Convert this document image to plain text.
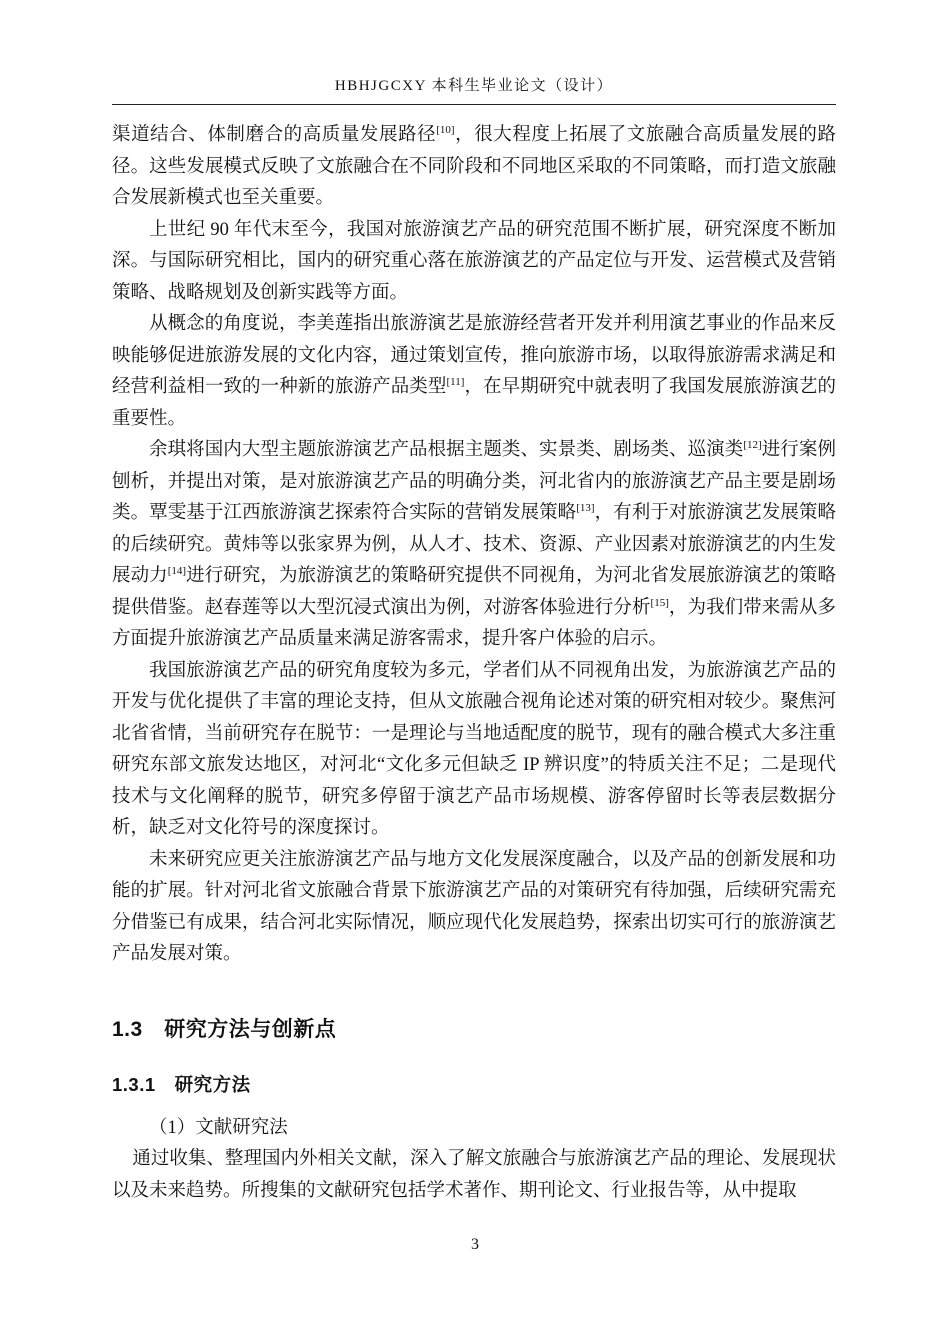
HBHJGCXY 本科生毕业论文（设计）

渠道结合、体制磨合的高质量发展路径[10]，很大程度上拓展了文旅融合高质量发展的路径。这些发展模式反映了文旅融合在不同阶段和不同地区采取的不同策略，而打造文旅融合发展新模式也至关重要。

上世纪 90 年代末至今，我国对旅游演艺产品的研究范围不断扩展，研究深度不断加深。与国际研究相比，国内的研究重心落在旅游演艺的产品定位与开发、运营模式及营销策略、战略规划及创新实践等方面。

从概念的角度说，李美莲指出旅游演艺是旅游经营者开发并利用演艺事业的作品来反映能够促进旅游发展的文化内容，通过策划宣传，推向旅游市场，以取得旅游需求满足和经营利益相一致的一种新的旅游产品类型[11]，在早期研究中就表明了我国发展旅游演艺的重要性。

余琪将国内大型主题旅游演艺产品根据主题类、实景类、剧场类、巡演类[12]进行案例刨析，并提出对策，是对旅游演艺产品的明确分类，河北省内的旅游演艺产品主要是剧场类。覃雯基于江西旅游演艺探索符合实际的营销发展策略[13]，有利于对旅游演艺发展策略的后续研究。黄炜等以张家界为例，从人才、技术、资源、产业因素对旅游演艺的内生发展动力[14]进行研究，为旅游演艺的策略研究提供不同视角，为河北省发展旅游演艺的策略提供借鉴。赵春莲等以大型沉浸式演出为例，对游客体验进行分析[15]，为我们带来需从多方面提升旅游演艺产品质量来满足游客需求，提升客户体验的启示。

我国旅游演艺产品的研究角度较为多元，学者们从不同视角出发，为旅游演艺产品的开发与优化提供了丰富的理论支持，但从文旅融合视角论述对策的研究相对较少。聚焦河北省省情，当前研究存在脱节：一是理论与当地适配度的脱节，现有的融合模式大多注重研究东部文旅发达地区，对河北“文化多元但缺乏 IP 辨识度”的特质关注不足；二是现代技术与文化阐释的脱节，研究多停留于演艺产品市场规模、游客停留时长等表层数据分析，缺乏对文化符号的深度探讨。

未来研究应更关注旅游演艺产品与地方文化发展深度融合，以及产品的创新发展和功能的扩展。针对河北省文旅融合背景下旅游演艺产品的对策研究有待加强，后续研究需充分借鉴已有成果，结合河北实际情况，顺应现代化发展趋势，探索出切实可行的旅游演艺产品发展对策。

1.3　研究方法与创新点
1.3.1　研究方法

（1）文献研究法

通过收集、整理国内外相关文献，深入了解文旅融合与旅游演艺产品的理论、发展现状以及未来趋势。所搜集的文献研究包括学术著作、期刊论文、行业报告等，从中提取

3
